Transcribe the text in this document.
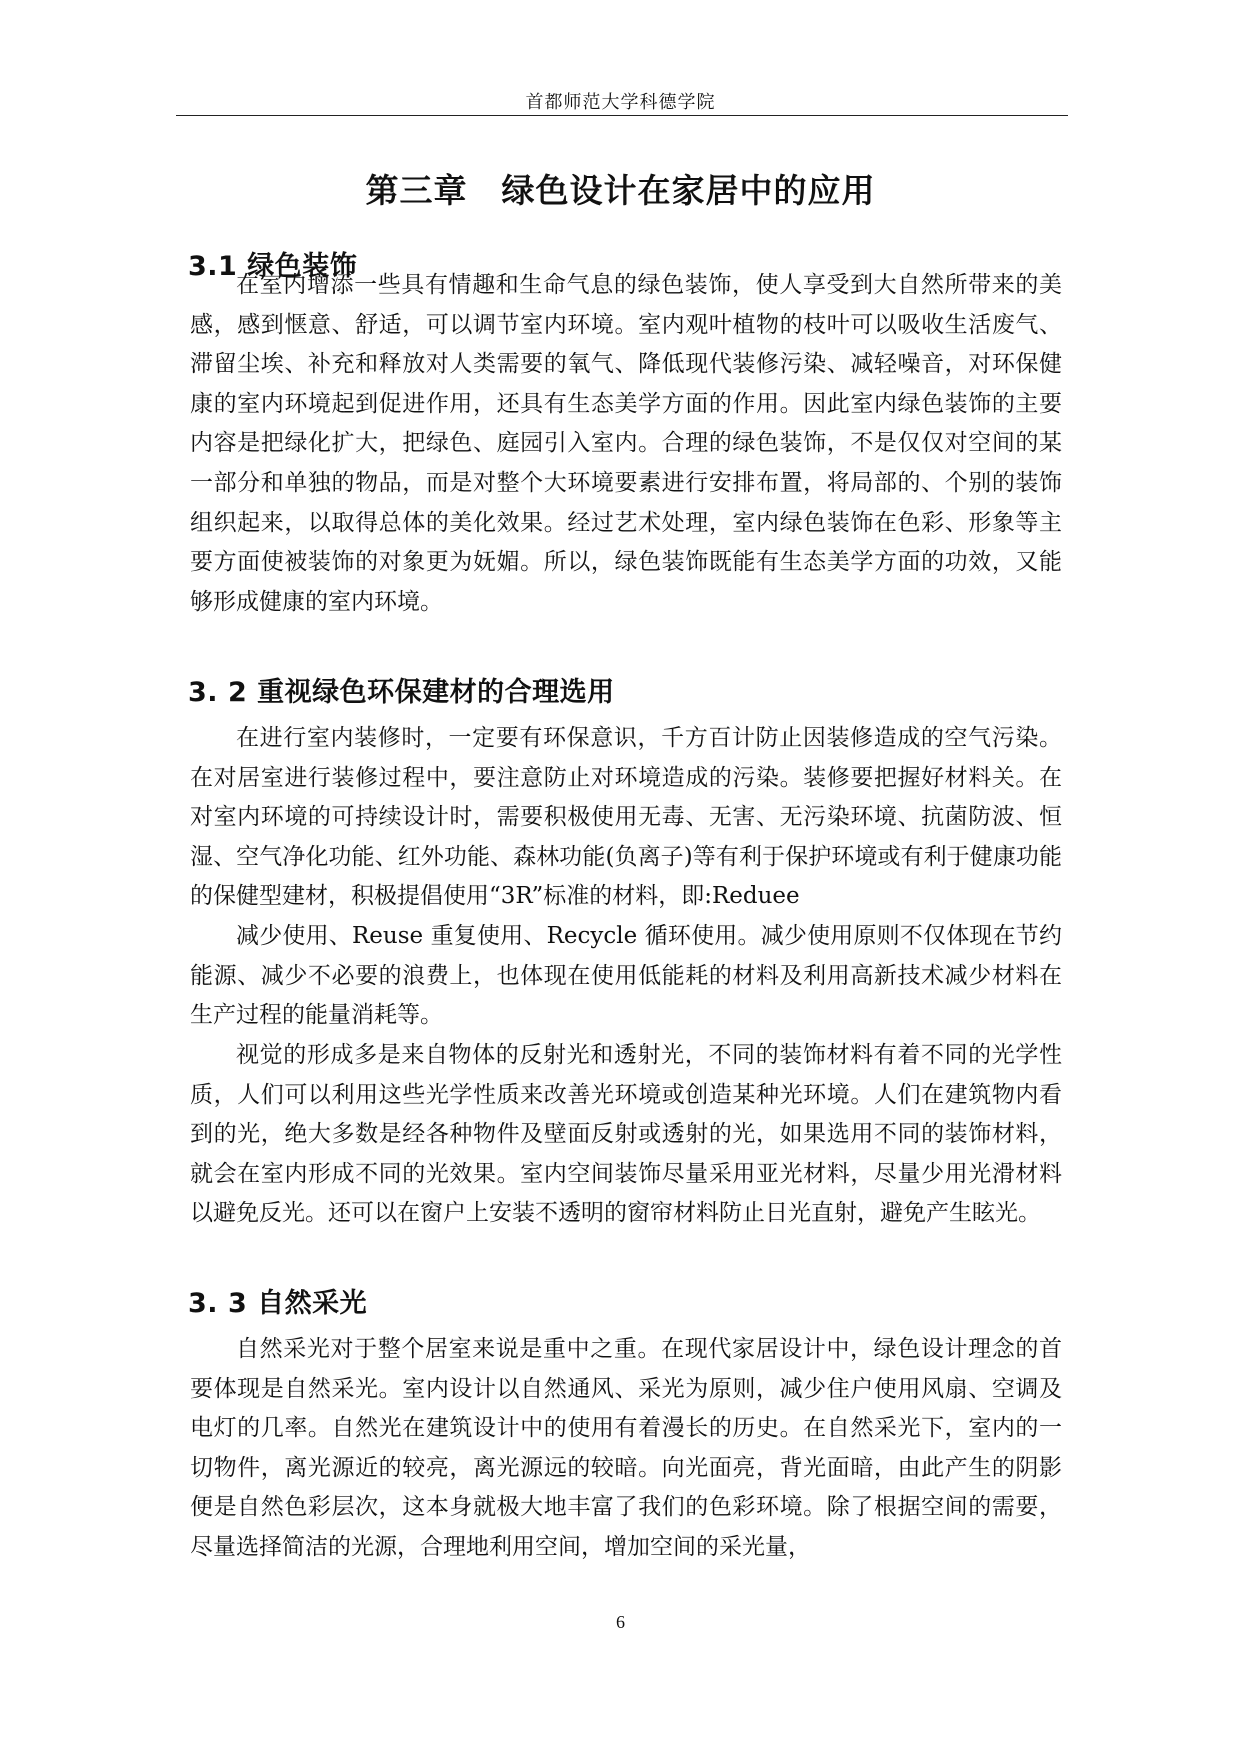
首都师范大学科德学院
第三章　绿色设计在家居中的应用
3.1 绿色装饰

在室内增添一些具有情趣和生命气息的绿色装饰，使人享受到大自然所带来的美感，感到惬意、舒适，可以调节室内环境。室内观叶植物的枝叶可以吸收生活废气、滞留尘埃、补充和释放对人类需要的氧气、降低现代装修污染、减轻噪音，对环保健康的室内环境起到促进作用，还具有生态美学方面的作用。因此室内绿色装饰的主要内容是把绿化扩大，把绿色、庭园引入室内。合理的绿色装饰，不是仅仅对空间的某一部分和单独的物品，而是对整个大环境要素进行安排布置，将局部的、个别的装饰组织起来，以取得总体的美化效果。经过艺术处理，室内绿色装饰在色彩、形象等主要方面使被装饰的对象更为妩媚。所以，绿色装饰既能有生态美学方面的功效，又能够形成健康的室内环境。

3. 2 重视绿色环保建材的合理选用

在进行室内装修时，一定要有环保意识，千方百计防止因装修造成的空气污染。在对居室进行装修过程中，要注意防止对环境造成的污染。装修要把握好材料关。在对室内环境的可持续设计时，需要积极使用无毒、无害、无污染环境、抗菌防波、恒湿、空气净化功能、红外功能、森林功能(负离子)等有利于保护环境或有利于健康功能的保健型建材，积极提倡使用“3R”标准的材料，即:Reduee

减少使用、Reuse 重复使用、Recycle 循环使用。减少使用原则不仅体现在节约能源、减少不必要的浪费上，也体现在使用低能耗的材料及利用高新技术减少材料在生产过程的能量消耗等。

视觉的形成多是来自物体的反射光和透射光，不同的装饰材料有着不同的光学性质，人们可以利用这些光学性质来改善光环境或创造某种光环境。人们在建筑物内看到的光，绝大多数是经各种物件及壁面反射或透射的光，如果选用不同的装饰材料，就会在室内形成不同的光效果。室内空间装饰尽量采用亚光材料，尽量少用光滑材料以避免反光。还可以在窗户上安装不透明的窗帘材料防止日光直射，避免产生眩光。

3. 3 自然采光

自然采光对于整个居室来说是重中之重。在现代家居设计中，绿色设计理念的首要体现是自然采光。室内设计以自然通风、采光为原则，减少住户使用风扇、空调及电灯的几率。自然光在建筑设计中的使用有着漫长的历史。在自然采光下，室内的一切物件，离光源近的较亮，离光源远的较暗。向光面亮，背光面暗，由此产生的阴影便是自然色彩层次，这本身就极大地丰富了我们的色彩环境。除了根据空间的需要，尽量选择简洁的光源，合理地利用空间，增加空间的采光量，

6
